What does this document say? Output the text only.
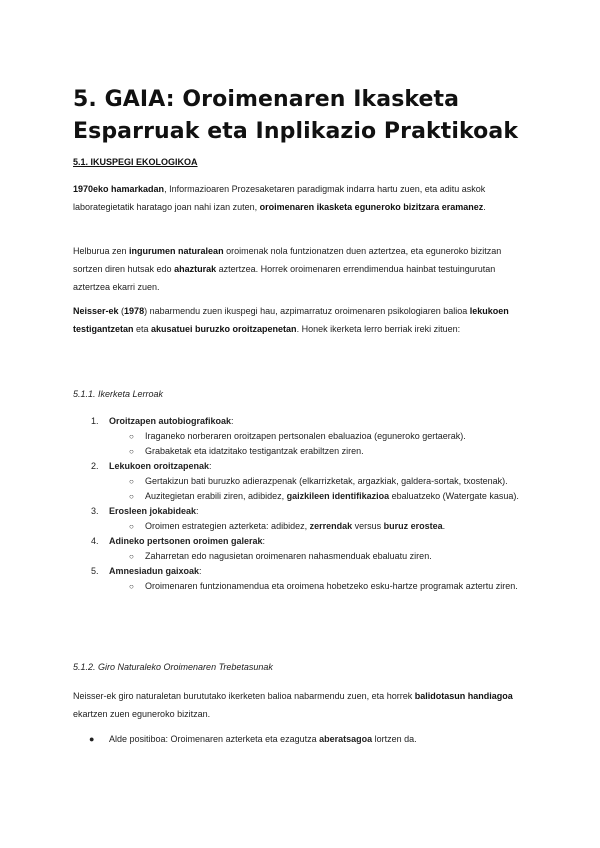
5. GAIA: Oroimenaren Ikasketa
Esparruak eta Inplikazio Praktikoak
5.1. IKUSPEGI EKOLOGIKOA

1970eko hamarkadan, Informazioaren Prozesaketaren paradigmak indarra hartu zuen, eta aditu askok laborategietatik haratago joan nahi izan zuten, oroimenaren ikasketa eguneroko bizitzara eramanez.

Helburua zen ingurumen naturalean oroimenak nola funtzionatzen duen aztertzea, eta eguneroko bizitzan sortzen diren hutsak edo ahazturak aztertzea. Horrek oroimenaren errendimendua hainbat testuingurutan aztertzea ekarri zuen.

Neisser-ek (1978) nabarmendu zuen ikuspegi hau, azpimarratuz oroimenaren psikologiaren balioa lekukoen testigantzetan eta akusatuei buruzko oroitzapenetan. Honek ikerketa lerro berriak ireki zituen:

5.1.1. Ikerketa Lerroak
1. Oroitzapen autobiografikoak:
○ Iraganeko norberaren oroitzapen pertsonalen ebaluazioa (eguneroko gertaerak).
○ Grabaketak eta idatzitako testigantzak erabiltzen ziren.
2. Lekukoen oroitzapenak:
○ Gertakizun bati buruzko adierazpenak (elkarrizketak, argazkiak, galdera-sortak, txostenak).
○ Auzitegietan erabili ziren, adibidez, gaizkileen identifikazioa ebaluatzeko (Watergate kasua).
3. Erosleen jokabideak:
○ Oroimen estrategien azterketa: adibidez, zerrendak versus buruz erostea.
4. Adineko pertsonen oroimen galerak:
○ Zaharretan edo nagusietan oroimenaren nahasmenduak ebaluatu ziren.
5. Amnesiadun gaixoak:
○ Oroimenaren funtzionamendua eta oroimena hobetzeko esku-hartze programak aztertu ziren.
5.1.2. Giro Naturaleko Oroimenaren Trebetasunak

Neisser-ek giro naturaletan burututako ikerketen balioa nabarmendu zuen, eta horrek balidotasun handiagoa ekartzen zuen eguneroko bizitzan.

● Alde positiboa: Oroimenaren azterketa eta ezagutza aberatsagoa lortzen da.
